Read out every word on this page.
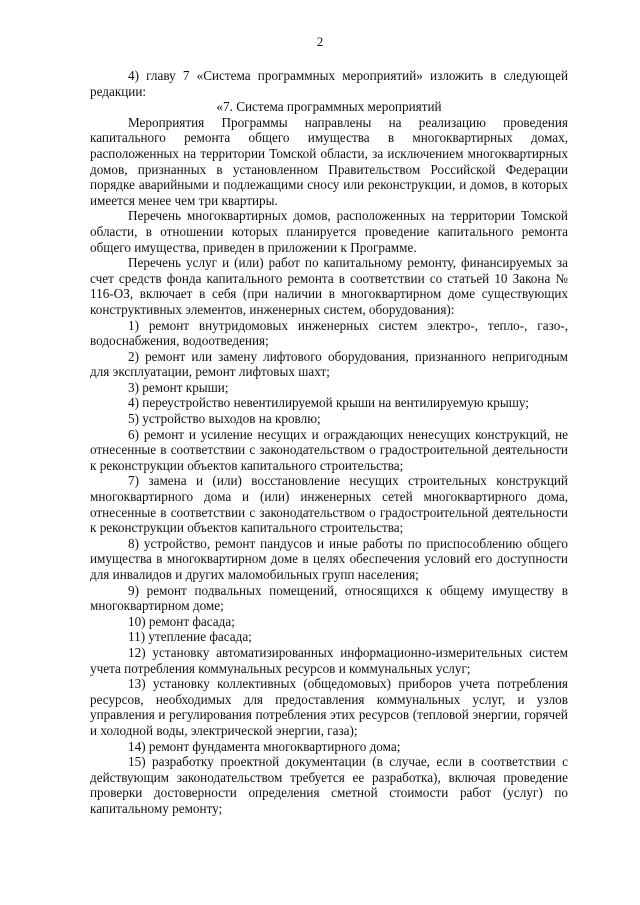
2

4) главу 7 «Система программных мероприятий» изложить в следующей редакции:

«7. Система программных мероприятий

Мероприятия Программы направлены на реализацию проведения капитального ремонта общего имущества в многоквартирных домах, расположенных на территории Томской области, за исключением многоквартирных домов, признанных в установленном Правительством Российской Федерации порядке аварийными и подлежащими сносу или реконструкции, и домов, в которых имеется менее чем три квартиры.

Перечень многоквартирных домов, расположенных на территории Томской области, в отношении которых планируется проведение капитального ремонта общего имущества, приведен в приложении к Программе.

Перечень услуг и (или) работ по капитальному ремонту, финансируемых за счет средств фонда капитального ремонта в соответствии со статьей 10 Закона № 116-ОЗ, включает в себя (при наличии в многоквартирном доме существующих конструктивных элементов, инженерных систем, оборудования):

1) ремонт внутридомовых инженерных систем электро-, тепло-, газо-, водоснабжения, водоотведения;

2) ремонт или замену лифтового оборудования, признанного непригодным для эксплуатации, ремонт лифтовых шахт;

3) ремонт крыши;

4) переустройство невентилируемой крыши на вентилируемую крышу;

5) устройство выходов на кровлю;

6) ремонт и усиление несущих и ограждающих ненесущих конструкций, не отнесенные в соответствии с законодательством о градостроительной деятельности к реконструкции объектов капитального строительства;

7) замена и (или) восстановление несущих строительных конструкций многоквартирного дома и (или) инженерных сетей многоквартирного дома, отнесенные в соответствии с законодательством о градостроительной деятельности к реконструкции объектов капитального строительства;

8) устройство, ремонт пандусов и иные работы по приспособлению общего имущества в многоквартирном доме в целях обеспечения условий его доступности для инвалидов и других маломобильных групп населения;

9) ремонт подвальных помещений, относящихся к общему имуществу в многоквартирном доме;

10) ремонт фасада;

11) утепление фасада;

12) установку автоматизированных информационно-измерительных систем учета потребления коммунальных ресурсов и коммунальных услуг;

13) установку коллективных (общедомовых) приборов учета потребления ресурсов, необходимых для предоставления коммунальных услуг, и узлов управления и регулирования потребления этих ресурсов (тепловой энергии, горячей и холодной воды, электрической энергии, газа);

14) ремонт фундамента многоквартирного дома;

15) разработку проектной документации (в случае, если в соответствии с действующим законодательством требуется ее разработка), включая проведение проверки достоверности определения сметной стоимости работ (услуг) по капитальному ремонту;
